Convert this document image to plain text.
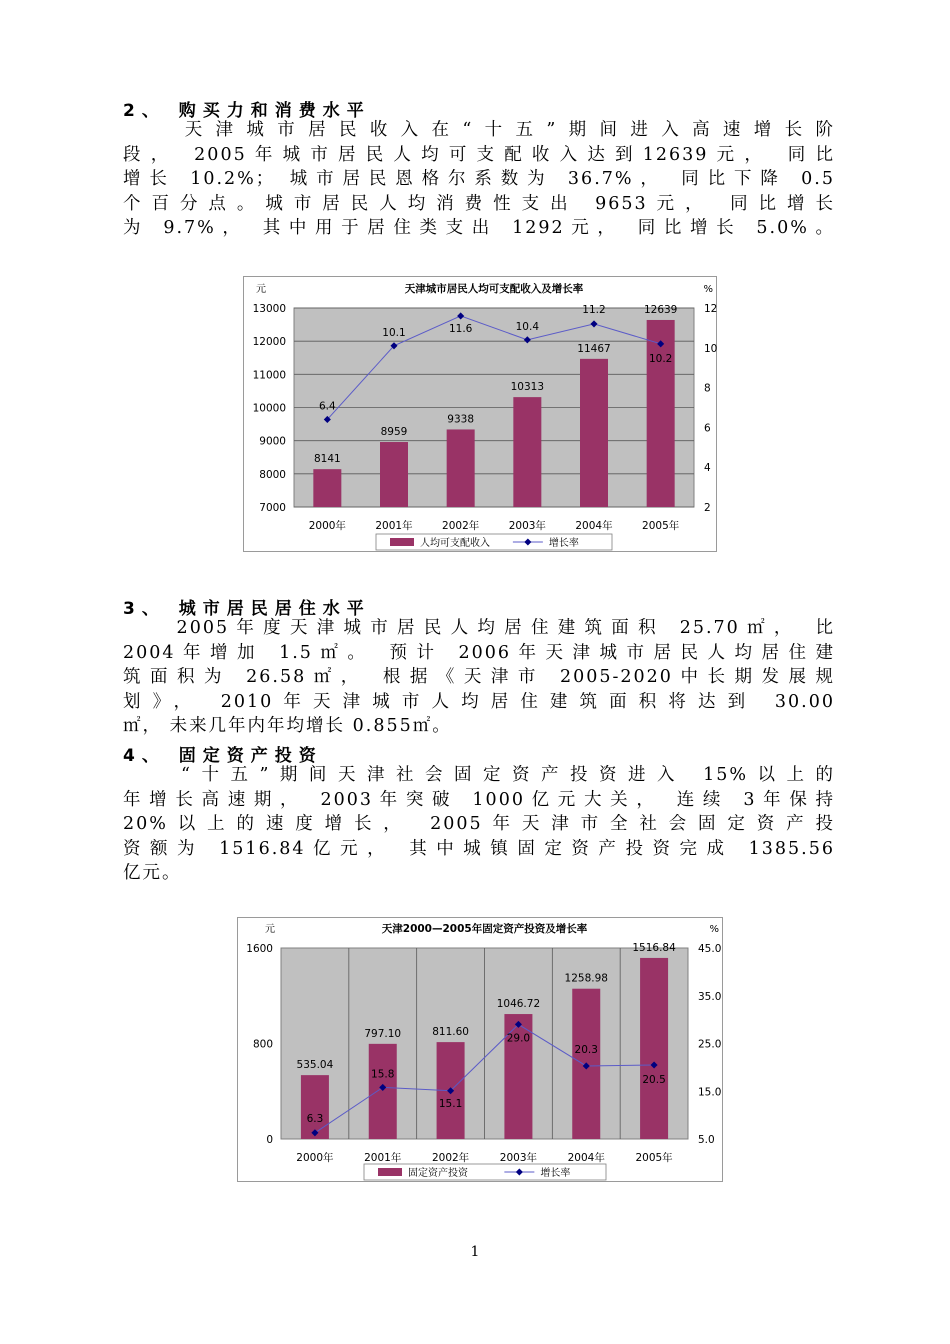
2、 购买力和消费水平
　　天津城市居民收入在“十五”期间进入高速增长阶
段， 2005年城市居民人均可支配收入达到12639元， 同比
增长 10.2%； 城市居民恩格尔系数为 36.7%， 同比下降 0.5
个百分点。城市居民人均消费性支出 9653元， 同比增长
为 9.7%， 其中用于居住类支出 1292元， 同比增长 5.0%。
天津城市居民人均可支配收入及增长率
元	%
7000
8000
9000
10000
11000
12000
13000
2
4
6
8
10
12
8141
8959
9338
10313
11467
12639
6.4
10.1	11.6	10.4
11.2
10.2
2000年	2001年	2002年	2003年	2004年	2005年
人均可支配收入	增长率
3、 城市居民居住水平
　　2005年度天津城市居民人均居住建筑面积 25.70㎡， 比
2004年增加 1.5㎡。 预计 2006年天津城市居民人均居住建
筑面积为 26.58㎡， 根据《天津市 2005-2020中长期发展规
划》， 2010年天津城市人均居住建筑面积将达到 30.00
㎡， 未来几年内年均增长 0.855㎡。
4、 固定资产投资
　　“十五”期间天津社会固定资产投资进入 15%以上的
年增长高速期， 2003年突破 1000亿元大关， 连续 3年保持
20%以上的速度增长， 2005年天津市全社会固定资产投
资额为 1516.84亿元， 其中城镇固定资产投资完成 1385.56
亿元。
天津2000—2005年固定资产投资及增长率
元	%
0
800
1600
5.0
15.0
25.0
35.0
45.0
535.04
797.10	811.60
1046.72
1258.98
1516.84
6.3
15.8
15.1
29.0
20.3
20.5
2000年	2001年	2002年	2003年	2004年	2005年
固定资产投资	增长率
1
